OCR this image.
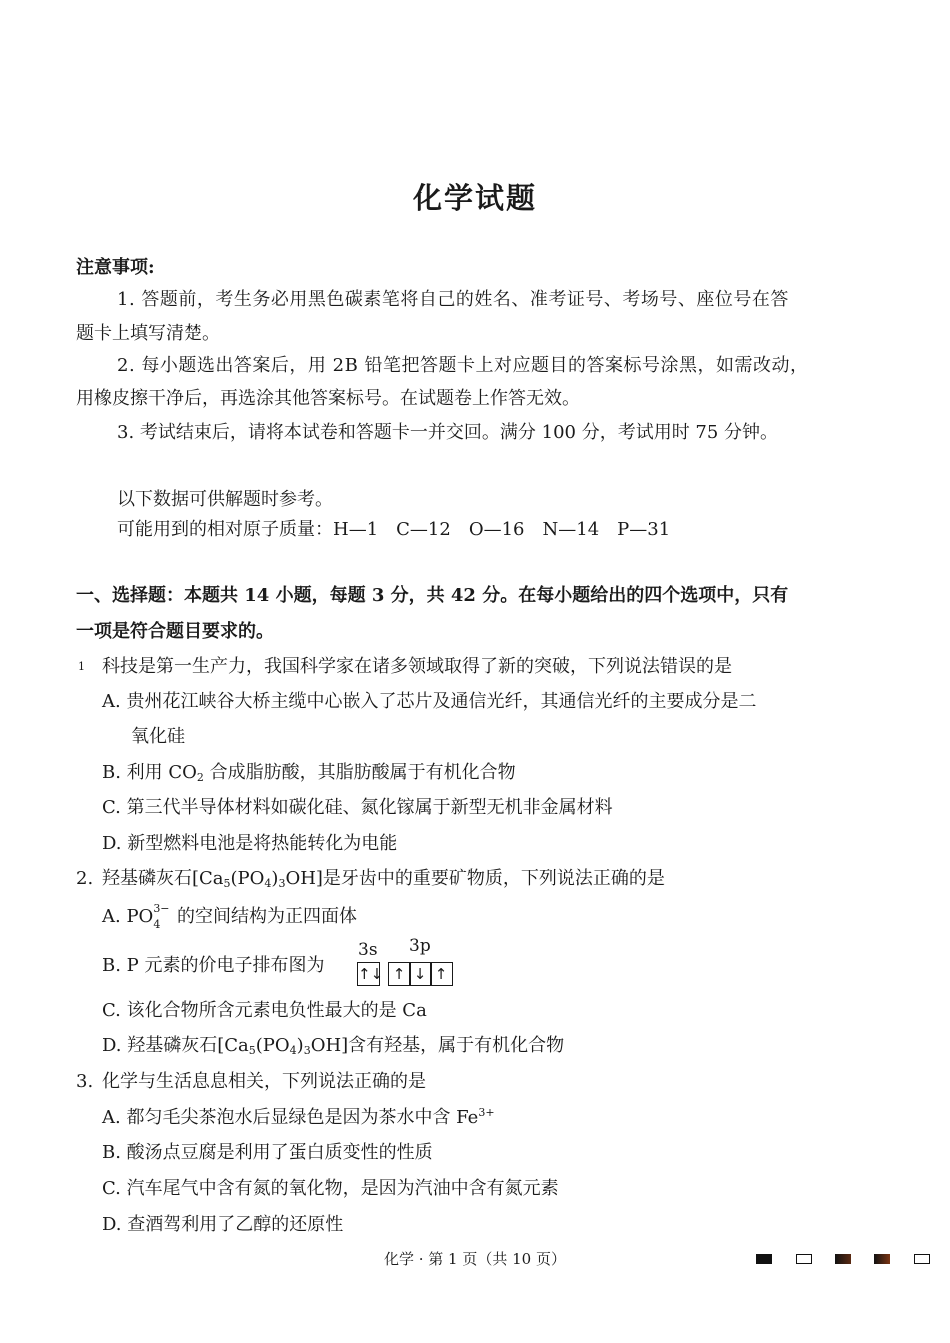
化学试题
注意事项:
1. 答题前，考生务必用黑色碳素笔将自己的姓名、准考证号、考场号、座位号在答
题卡上填写清楚。
2. 每小题选出答案后，用 2B 铅笔把答题卡上对应题目的答案标号涂黑，如需改动，
用橡皮擦干净后，再选涂其他答案标号。在试题卷上作答无效。
3. 考试结束后，请将本试卷和答题卡一并交回。满分 100 分，考试用时 75 分钟。
以下数据可供解题时参考。
可能用到的相对原子质量：H—1　C—12　O—16　N—14　P—31
一、选择题：本题共 14 小题，每题 3 分，共 42 分。在每小题给出的四个选项中，只有
一项是符合题目要求的。
1 科技是第一生产力，我国科学家在诸多领域取得了新的突破，下列说法错误的是
A. 贵州花江峡谷大桥主缆中心嵌入了芯片及通信光纤，其通信光纤的主要成分是二
氧化硅
B. 利用 $CO_2$ 合成脂肪酸，其脂肪酸属于有机化合物
C. 第三代半导体材料如碳化硅、氮化镓属于新型无机非金属材料
D. 新型燃料电池是将热能转化为电能
2. 羟基磷灰石$[Ca_5(PO_4)_3OH]$是牙齿中的重要矿物质，下列说法正确的是
A. PO 3−
4 的空间结构为正四面体
B. P 元素的价电子排布图为
3s 3p
↑↓ ↑ ↓ ↑
C. 该化合物所含元素电负性最大的是 Ca
D. 羟基磷灰石$[Ca_5(PO_4)_3OH]$含有羟基，属于有机化合物
3. 化学与生活息息相关，下列说法正确的是
A. 都匀毛尖茶泡水后显绿色是因为茶水中含 $Fe^{3+}$
B. 酸汤点豆腐是利用了蛋白质变性的性质
C. 汽车尾气中含有氮的氧化物，是因为汽油中含有氮元素
D. 查酒驾利用了乙醇的还原性
化学 · 第 1 页（共 10 页）
